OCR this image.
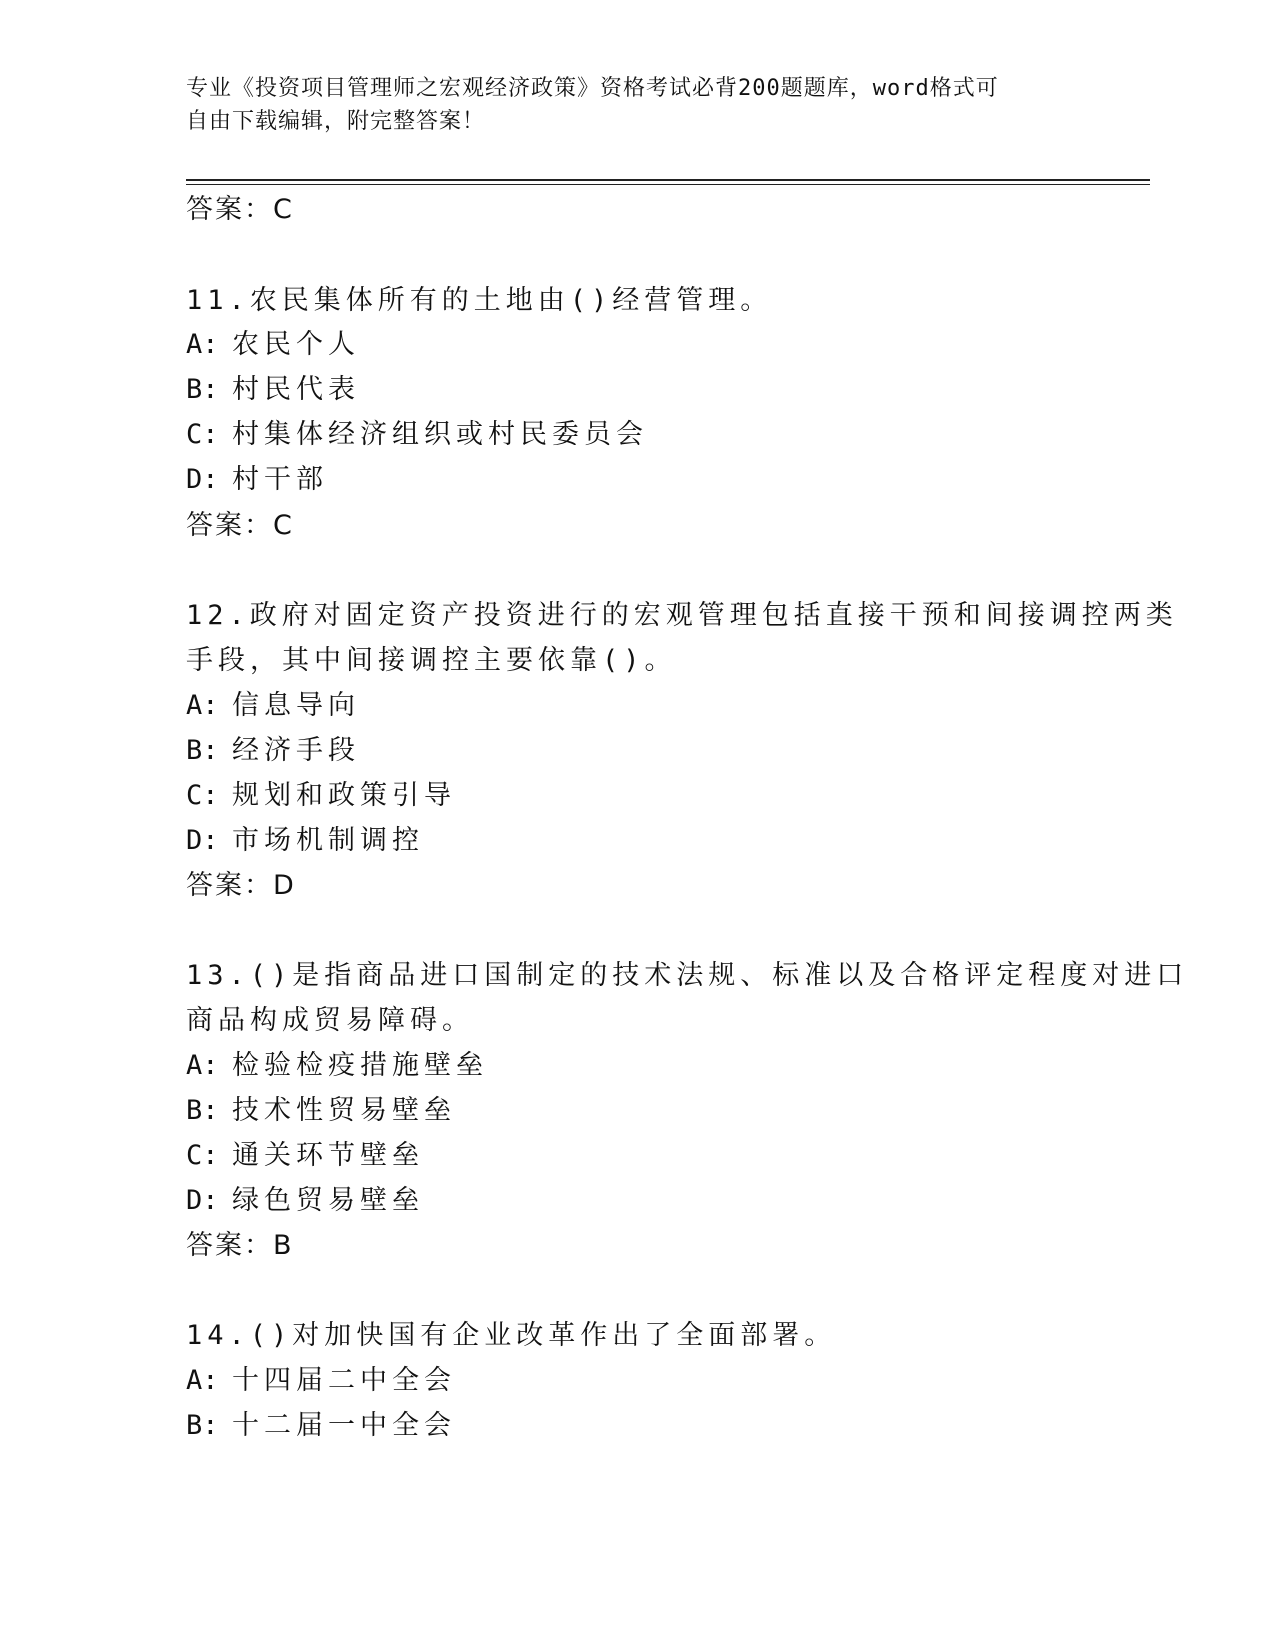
专业《投资项目管理师之宏观经济政策》资格考试必背200题题库，word格式可
自由下载编辑，附完整答案！
答案：C
11.农民集体所有的土地由()经营管理。
A: 农民个人
B: 村民代表
C: 村集体经济组织或村民委员会
D: 村干部
答案：C
12.政府对固定资产投资进行的宏观管理包括直接干预和间接调控两类
手段，其中间接调控主要依靠()。
A: 信息导向
B: 经济手段
C: 规划和政策引导
D: 市场机制调控
答案：D
13.()是指商品进口国制定的技术法规、标准以及合格评定程度对进口
商品构成贸易障碍。
A: 检验检疫措施壁垒
B: 技术性贸易壁垒
C: 通关环节壁垒
D: 绿色贸易壁垒
答案：B
14.()对加快国有企业改革作出了全面部署。
A: 十四届二中全会
B: 十二届一中全会
